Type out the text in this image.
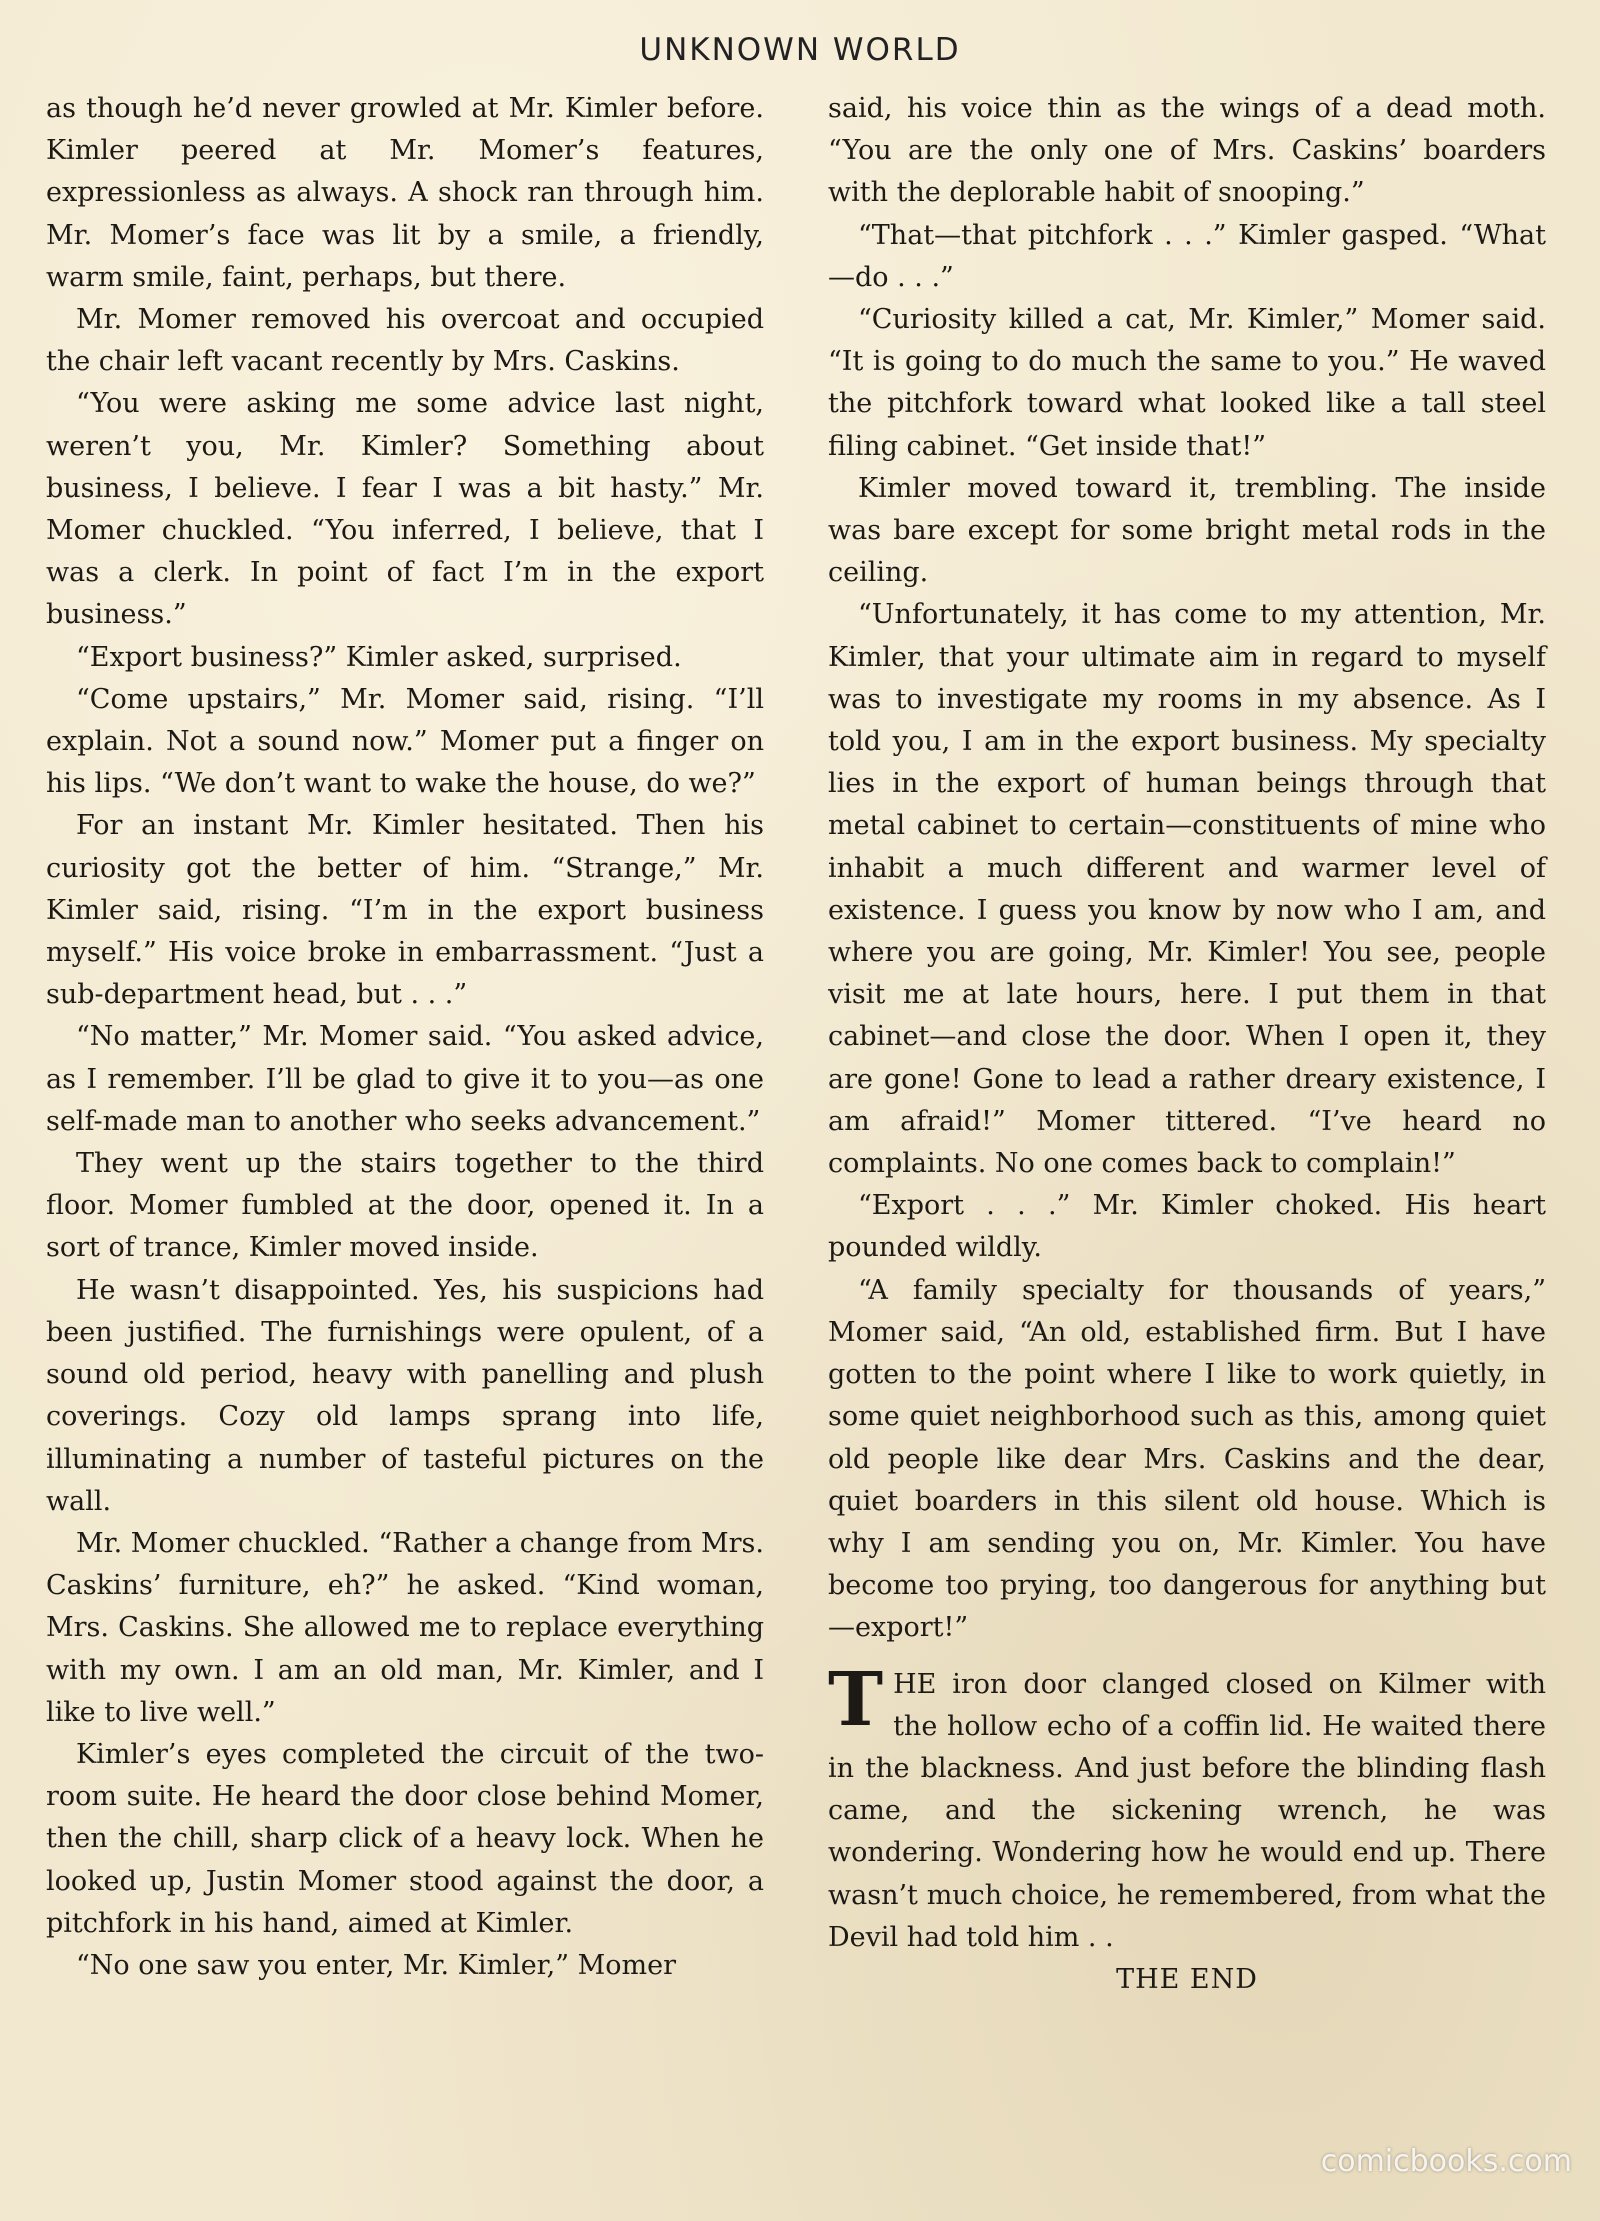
UNKNOWN WORLD

as though he’d never growled at Mr. Kimler before. Kimler peered at Mr. Momer’s features, expressionless as always. A shock ran through him. Mr. Momer’s face was lit by a smile, a friendly, warm smile, faint, perhaps, but there.

Mr. Momer removed his overcoat and occupied the chair left vacant recently by Mrs. Caskins.

“You were asking me some advice last night, weren’t you, Mr. Kimler? Something about business, I believe. I fear I was a bit hasty.” Mr. Momer chuckled. “You inferred, I believe, that I was a clerk. In point of fact I’m in the export business.”

“Export business?” Kimler asked, surprised.

“Come upstairs,” Mr. Momer said, rising. “I’ll explain. Not a sound now.” Momer put a finger on his lips. “We don’t want to wake the house, do we?”

For an instant Mr. Kimler hesitated. Then his curiosity got the better of him. “Strange,” Mr. Kimler said, rising. “I’m in the export business myself.” His voice broke in embarrassment. “Just a sub-department head, but . . .”

“No matter,” Mr. Momer said. “You asked advice, as I remember. I’ll be glad to give it to you—as one self-made man to another who seeks advancement.”

They went up the stairs together to the third floor. Momer fumbled at the door, opened it. In a sort of trance, Kimler moved inside.

He wasn’t disappointed. Yes, his suspicions had been justified. The furnishings were opulent, of a sound old period, heavy with panelling and plush coverings. Cozy old lamps sprang into life, illuminating a number of tasteful pictures on the wall.

Mr. Momer chuckled. “Rather a change from Mrs. Caskins’ furniture, eh?” he asked. “Kind woman, Mrs. Caskins. She allowed me to replace everything with my own. I am an old man, Mr. Kimler, and I like to live well.”

Kimler’s eyes completed the circuit of the two-room suite. He heard the door close behind Momer, then the chill, sharp click of a heavy lock. When he looked up, Justin Momer stood against the door, a pitchfork in his hand, aimed at Kimler.

“No one saw you enter, Mr. Kimler,” Momer

said, his voice thin as the wings of a dead moth. “You are the only one of Mrs. Caskins’ boarders with the deplorable habit of snooping.”

“That—that pitchfork . . .” Kimler gasped. “What—do . . .”

“Curiosity killed a cat, Mr. Kimler,” Momer said. “It is going to do much the same to you.” He waved the pitchfork toward what looked like a tall steel filing cabinet. “Get inside that!”

Kimler moved toward it, trembling. The inside was bare except for some bright metal rods in the ceiling.

“Unfortunately, it has come to my attention, Mr. Kimler, that your ultimate aim in regard to myself was to investigate my rooms in my absence. As I told you, I am in the export business. My specialty lies in the export of human beings through that metal cabinet to certain—constituents of mine who inhabit a much different and warmer level of existence. I guess you know by now who I am, and where you are going, Mr. Kimler! You see, people visit me at late hours, here. I put them in that cabinet—and close the door. When I open it, they are gone! Gone to lead a rather dreary existence, I am afraid!” Momer tittered. “I’ve heard no complaints. No one comes back to complain!”

“Export . . .” Mr. Kimler choked. His heart pounded wildly.

“A family specialty for thousands of years,” Momer said, “An old, established firm. But I have gotten to the point where I like to work quietly, in some quiet neighborhood such as this, among quiet old people like dear Mrs. Caskins and the dear, quiet boarders in this silent old house. Which is why I am sending you on, Mr. Kimler. You have become too prying, too dangerous for anything but—export!”

THE iron door clanged closed on Kilmer with the hollow echo of a coffin lid. He waited there in the blackness. And just before the blinding flash came, and the sickening wrench, he was wondering. Wondering how he would end up. There wasn’t much choice, he remembered, from what the Devil had told him . .

THE END

comicbooks.com
